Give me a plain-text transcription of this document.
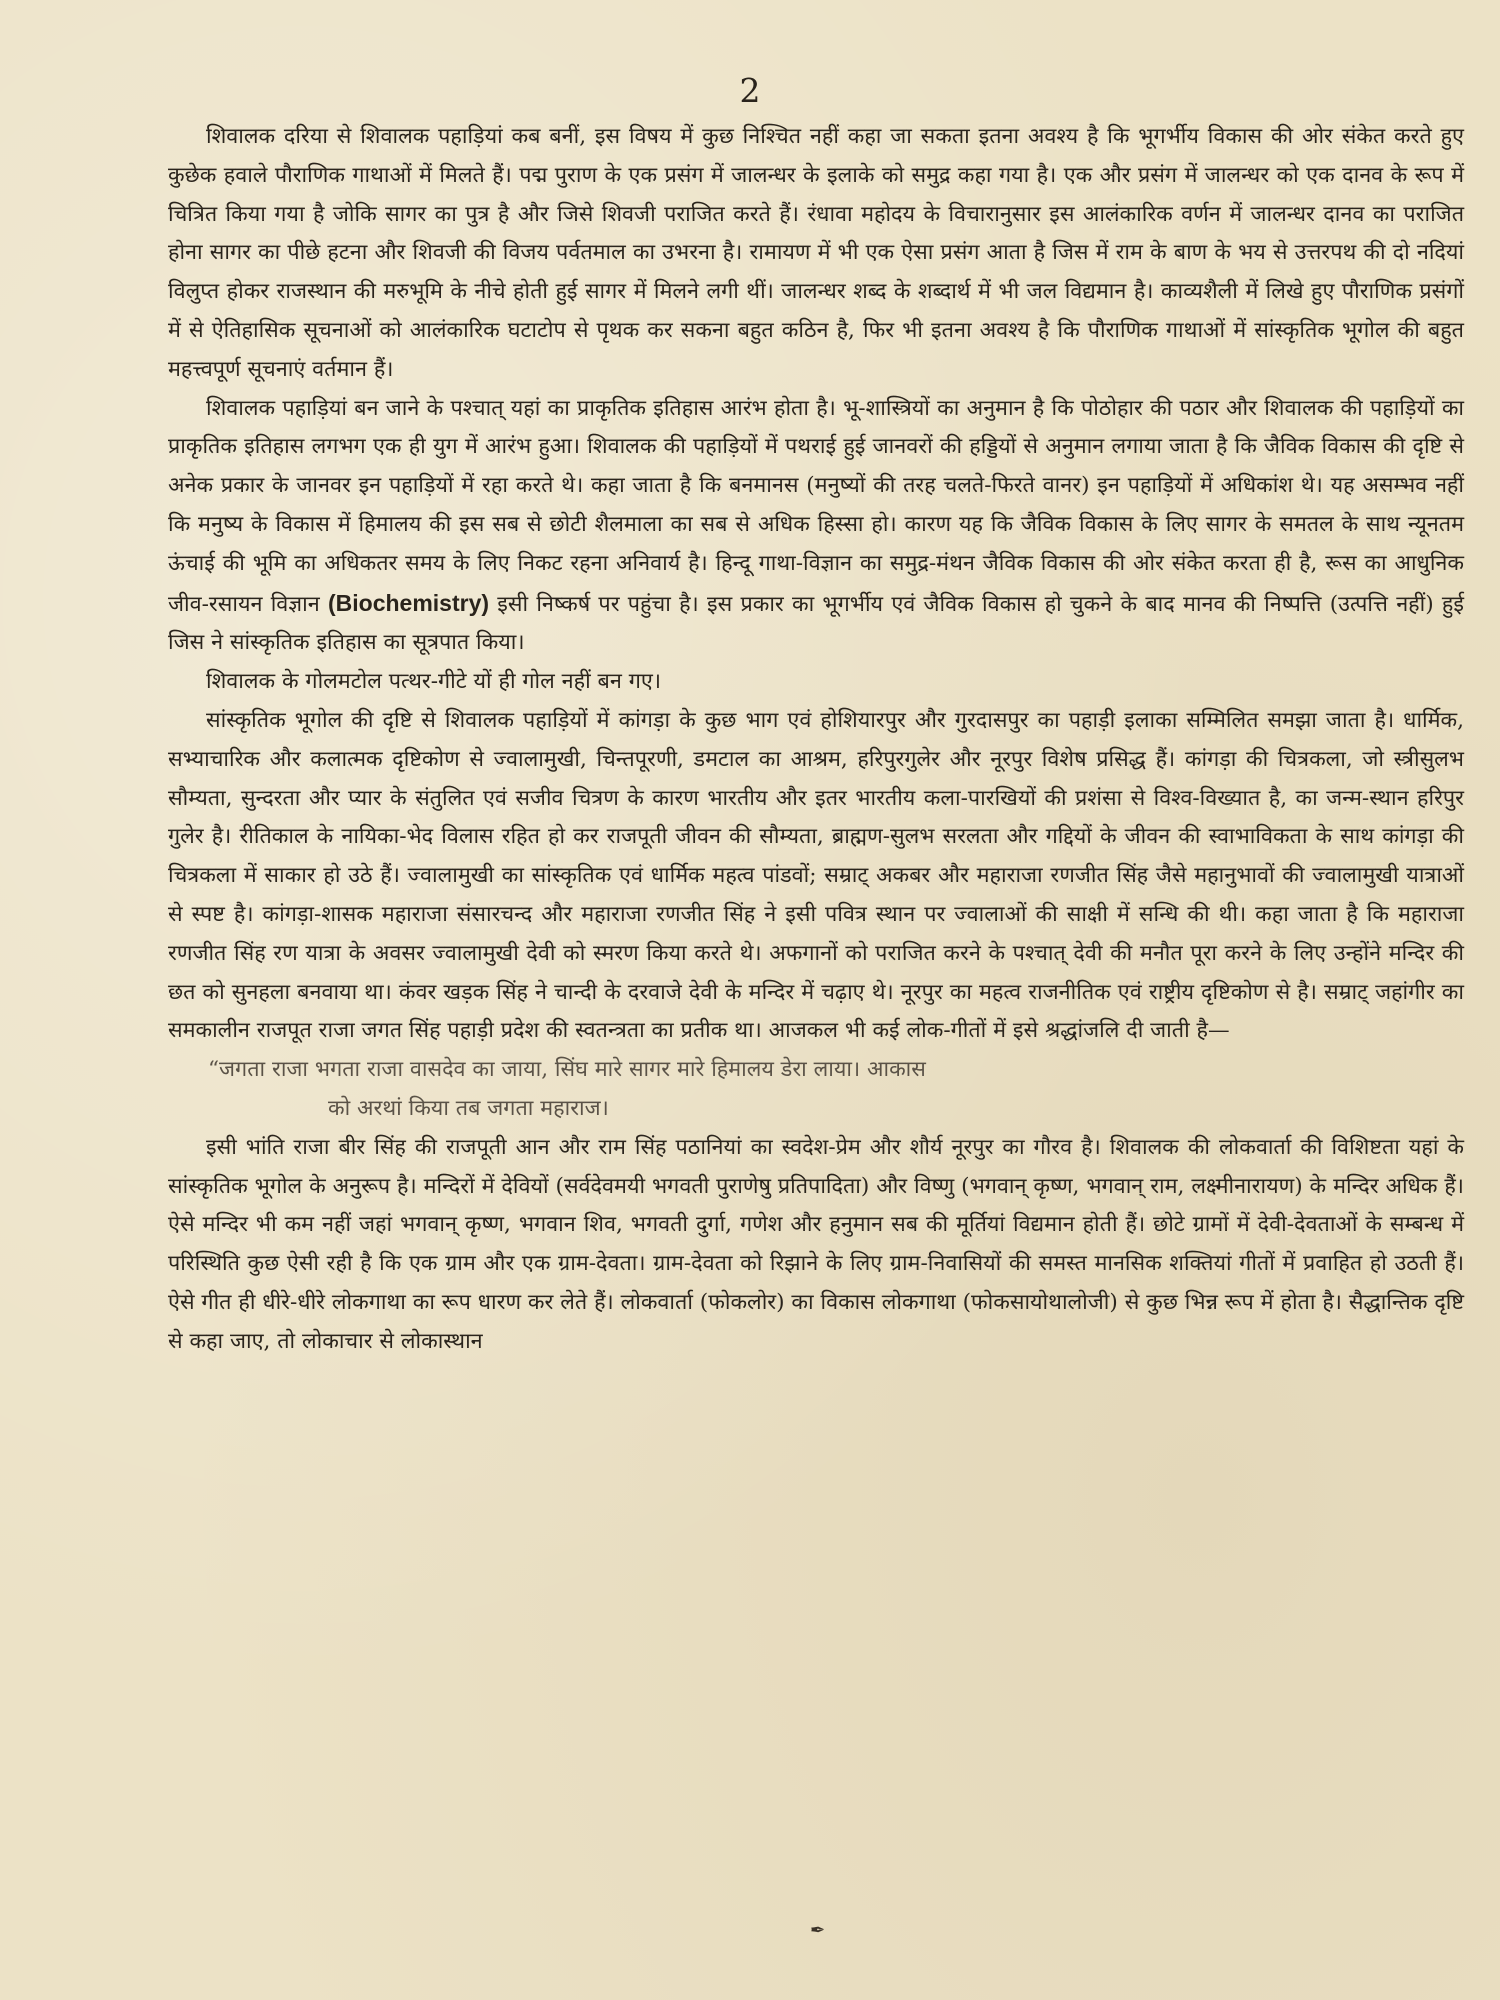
2

शिवालक दरिया से शिवालक पहाड़ियां कब बनीं, इस विषय में कुछ निश्चित नहीं कहा जा सकता इतना अवश्य है कि भूगर्भीय विकास की ओर संकेत करते हुए कुछेक हवाले पौराणिक गाथाओं में मिलते हैं। पद्म पुराण के एक प्रसंग में जालन्धर के इलाके को समुद्र कहा गया है। एक और प्रसंग में जालन्धर को एक दानव के रूप में चित्रित किया गया है जोकि सागर का पुत्र है और जिसे शिवजी पराजित करते हैं। रंधावा महोदय के विचारानुसार इस आलंकारिक वर्णन में जालन्धर दानव का पराजित होना सागर का पीछे हटना और शिवजी की विजय पर्वतमाल का उभरना है। रामायण में भी एक ऐसा प्रसंग आता है जिस में राम के बाण के भय से उत्तरपथ की दो नदियां विलुप्त होकर राजस्थान की मरुभूमि के नीचे होती हुई सागर में मिलने लगी थीं। जालन्धर शब्द के शब्दार्थ में भी जल विद्यमान है। काव्यशैली में लिखे हुए पौराणिक प्रसंगों में से ऐतिहासिक सूचनाओं को आलंकारिक घटाटोप से पृथक कर सकना बहुत कठिन है, फिर भी इतना अवश्य है कि पौराणिक गाथाओं में सांस्कृतिक भूगोल की बहुत महत्त्वपूर्ण सूचनाएं वर्तमान हैं।

शिवालक पहाड़ियां बन जाने के पश्चात् यहां का प्राकृतिक इतिहास आरंभ होता है। भू-शास्त्रियों का अनुमान है कि पोठोहार की पठार और शिवालक की पहाड़ियों का प्राकृतिक इतिहास लगभग एक ही युग में आरंभ हुआ। शिवालक की पहाड़ियों में पथराई हुई जानवरों की हड्डियों से अनुमान लगाया जाता है कि जैविक विकास की दृष्टि से अनेक प्रकार के जानवर इन पहाड़ियों में रहा करते थे। कहा जाता है कि बनमानस (मनुष्यों की तरह चलते-फिरते वानर) इन पहाड़ियों में अधिकांश थे। यह असम्भव नहीं कि मनुष्य के विकास में हिमालय की इस सब से छोटी शैलमाला का सब से अधिक हिस्सा हो। कारण यह कि जैविक विकास के लिए सागर के समतल के साथ न्यूनतम ऊंचाई की भूमि का अधिकतर समय के लिए निकट रहना अनिवार्य है। हिन्दू गाथा-विज्ञान का समुद्र-मंथन जैविक विकास की ओर संकेत करता ही है, रूस का आधुनिक जीव-रसायन विज्ञान (Biochemistry) इसी निष्कर्ष पर पहुंचा है। इस प्रकार का भूगर्भीय एवं जैविक विकास हो चुकने के बाद मानव की निष्पत्ति (उत्पत्ति नहीं) हुई जिस ने सांस्कृतिक इतिहास का सूत्रपात किया।

शिवालक के गोलमटोल पत्थर-गीटे यों ही गोल नहीं बन गए।

सांस्कृतिक भूगोल की दृष्टि से शिवालक पहाड़ियों में कांगड़ा के कुछ भाग एवं होशियारपुर और गुरदासपुर का पहाड़ी इलाका सम्मिलित समझा जाता है। धार्मिक, सभ्याचारिक और कलात्मक दृष्टिकोण से ज्वालामुखी, चिन्तपूरणी, डमटाल का आश्रम, हरिपुरगुलेर और नूरपुर विशेष प्रसिद्ध हैं। कांगड़ा की चित्रकला, जो स्त्रीसुलभ सौम्यता, सुन्दरता और प्यार के संतुलित एवं सजीव चित्रण के कारण भारतीय और इतर भारतीय कला-पारखियों की प्रशंसा से विश्व-विख्यात है, का जन्म-स्थान हरिपुर गुलेर है। रीतिकाल के नायिका-भेद विलास रहित हो कर राजपूती जीवन की सौम्यता, ब्राह्मण-सुलभ सरलता और गद्दियों के जीवन की स्वाभाविकता के साथ कांगड़ा की चित्रकला में साकार हो उठे हैं। ज्वालामुखी का सांस्कृतिक एवं धार्मिक महत्व पांडवों; सम्राट् अकबर और महाराजा रणजीत सिंह जैसे महानुभावों की ज्वालामुखी यात्राओं से स्पष्ट है। कांगड़ा-शासक महाराजा संसारचन्द और महाराजा रणजीत सिंह ने इसी पवित्र स्थान पर ज्वालाओं की साक्षी में सन्धि की थी। कहा जाता है कि महाराजा रणजीत सिंह रण यात्रा के अवसर ज्वालामुखी देवी को स्मरण किया करते थे। अफगानों को पराजित करने के पश्चात् देवी की मनौत पूरा करने के लिए उन्होंने मन्दिर की छत को सुनहला बनवाया था। कंवर खड़क सिंह ने चान्दी के दरवाजे देवी के मन्दिर में चढ़ाए थे। नूरपुर का महत्व राजनीतिक एवं राष्ट्रीय दृष्टिकोण से है। सम्राट् जहांगीर का समकालीन राजपूत राजा जगत सिंह पहाड़ी प्रदेश की स्वतन्त्रता का प्रतीक था। आजकल भी कई लोक-गीतों में इसे श्रद्धांजलि दी जाती है—

“जगता राजा भगता राजा वासदेव का जाया, सिंघ मारे सागर मारे हिमालय डेरा लाया। आकास
को अरथां किया तब जगता महाराज।

इसी भांति राजा बीर सिंह की राजपूती आन और राम सिंह पठानियां का स्वदेश-प्रेम और शौर्य नूरपुर का गौरव है। शिवालक की लोकवार्ता की विशिष्टता यहां के सांस्कृतिक भूगोल के अनुरूप है। मन्दिरों में देवियों (सर्वदेवमयी भगवती पुराणेषु प्रतिपादिता) और विष्णु (भगवान् कृष्ण, भगवान् राम, लक्ष्मीनारायण) के मन्दिर अधिक हैं। ऐसे मन्दिर भी कम नहीं जहां भगवान् कृष्ण, भगवान शिव, भगवती दुर्गा, गणेश और हनुमान सब की मूर्तियां विद्यमान होती हैं। छोटे ग्रामों में देवी-देवताओं के सम्बन्ध में परिस्थिति कुछ ऐसी रही है कि एक ग्राम और एक ग्राम-देवता। ग्राम-देवता को रिझाने के लिए ग्राम-निवासियों की समस्त मानसिक शक्तियां गीतों में प्रवाहित हो उठती हैं। ऐसे गीत ही धीरे-धीरे लोकगाथा का रूप धारण कर लेते हैं। लोकवार्ता (फोकलोर) का विकास लोकगाथा (फोकसायोथालोजी) से कुछ भिन्न रूप में होता है। सैद्धान्तिक दृष्टि से कहा जाए, तो लोकाचार से लोकास्थान

✒
